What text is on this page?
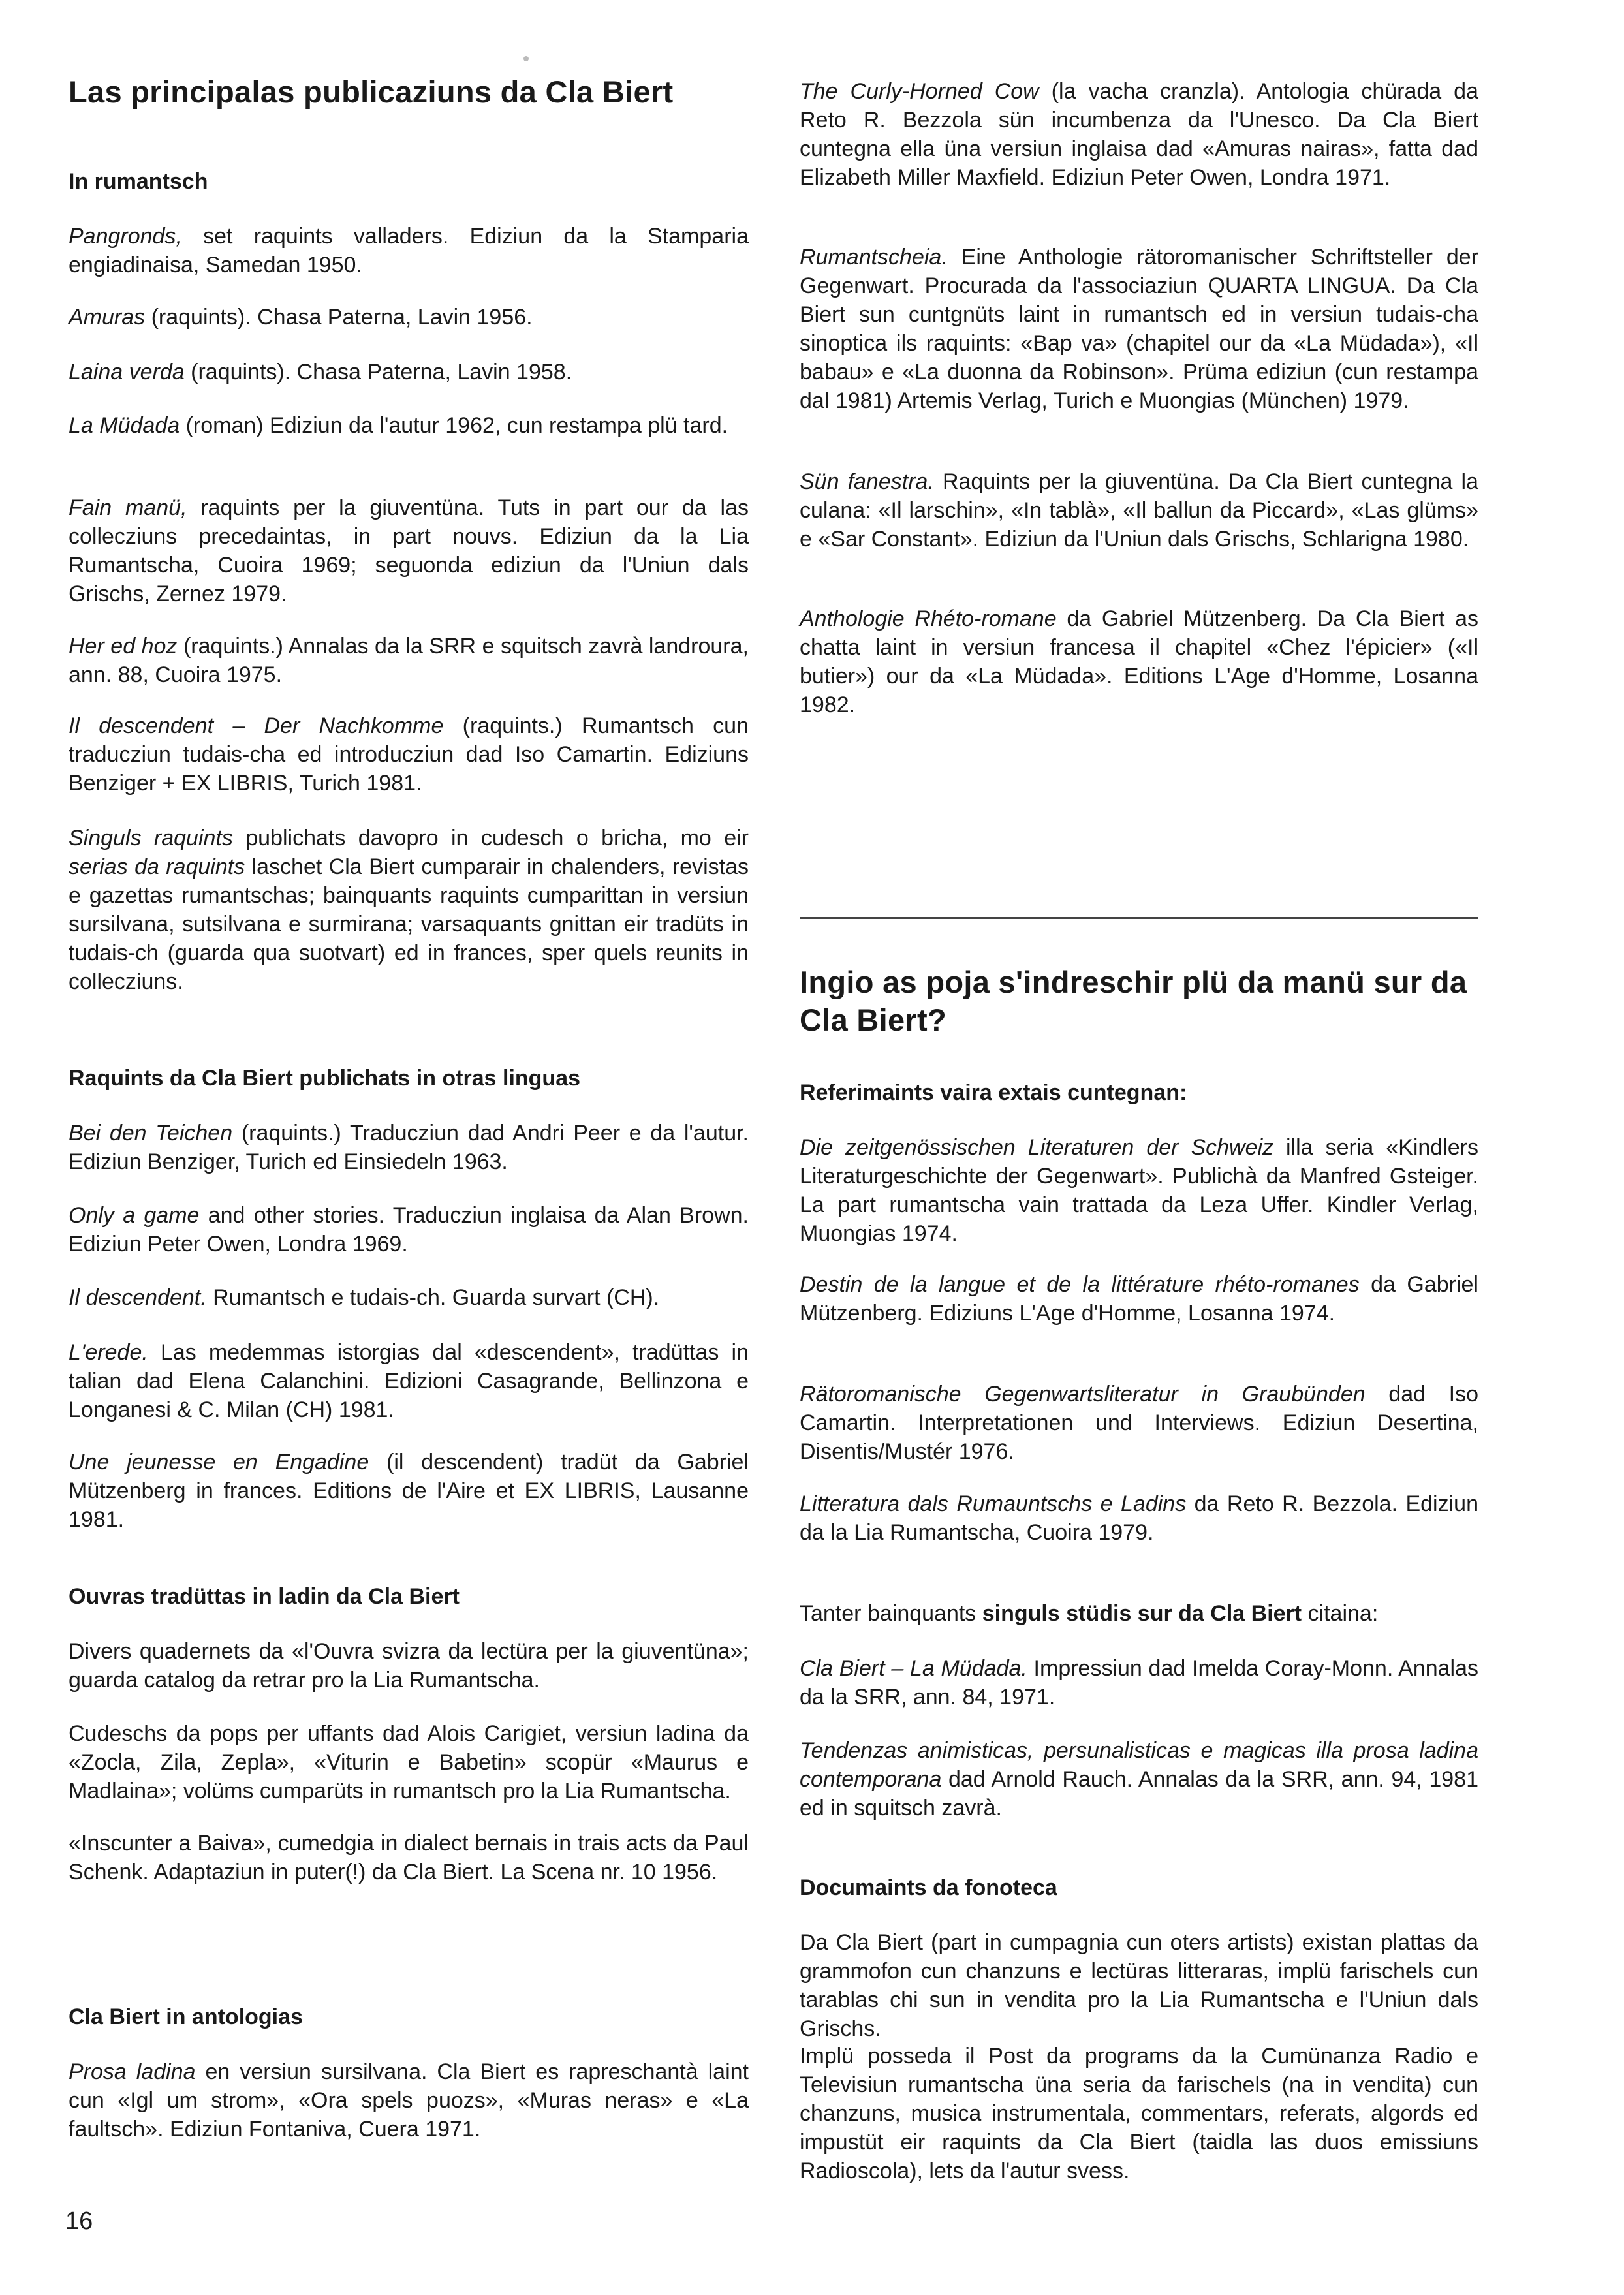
Las principalas publicaziuns da Cla Biert
In rumantsch

Pangronds, set raquints valladers. Ediziun da la Stamparia engiadinaisa, Samedan 1950.

Amuras (raquints). Chasa Paterna, Lavin 1956.

Laina verda (raquints). Chasa Paterna, Lavin 1958.

La Müdada (roman) Ediziun da l'autur 1962, cun restampa plü tard.

Fain manü, raquints per la giuventüna. Tuts in part our da las collecziuns precedaintas, in part nouvs. Ediziun da la Lia Rumantscha, Cuoira 1969; seguonda ediziun da l'Uniun dals Grischs, Zernez 1979.

Her ed hoz (raquints.) Annalas da la SRR e squitsch zavrà landroura, ann. 88, Cuoira 1975.

Il descendent – Der Nachkomme (raquints.) Rumantsch cun traducziun tudais-cha ed introducziun dad Iso Camartin. Ediziuns Benziger + EX LIBRIS, Turich 1981.

Singuls raquints publichats davopro in cudesch o bricha, mo eir serias da raquints laschet Cla Biert cumparair in chalenders, revistas e gazettas rumantschas; bainquants raquints cumparittan in versiun sursilvana, sutsilvana e surmirana; varsaquants gnittan eir tradüts in tudais-ch (guarda qua suotvart) ed in frances, sper quels reunits in collecziuns.

Raquints da Cla Biert publichats in otras linguas

Bei den Teichen (raquints.) Traducziun dad Andri Peer e da l'autur. Ediziun Benziger, Turich ed Einsiedeln 1963.

Only a game and other stories. Traducziun inglaisa da Alan Brown. Ediziun Peter Owen, Londra 1969.

Il descendent. Rumantsch e tudais-ch. Guarda survart (CH).

L'erede. Las medemmas istorgias dal «descendent», tradüttas in talian dad Elena Calanchini. Edizioni Casagrande, Bellinzona e Longanesi & C. Milan (CH) 1981.

Une jeunesse en Engadine (il descendent) tradüt da Gabriel Mützenberg in frances. Editions de l'Aire et EX LIBRIS, Lausanne 1981.

Ouvras tradüttas in ladin da Cla Biert

Divers quadernets da «l'Ouvra svizra da lectüra per la giuventüna»; guarda catalog da retrar pro la Lia Rumantscha.

Cudeschs da pops per uffants dad Alois Carigiet, versiun ladina da «Zocla, Zila, Zepla», «Viturin e Babetin» scopür «Maurus e Madlaina»; volüms cumparüts in rumantsch pro la Lia Rumantscha.

«Inscunter a Baiva», cumedgia in dialect bernais in trais acts da Paul Schenk. Adaptaziun in puter(!) da Cla Biert. La Scena nr. 10 1956.

Cla Biert in antologias

Prosa ladina en versiun sursilvana. Cla Biert es rapreschantà laint cun «Igl um strom», «Ora spels puozs», «Muras neras» e «La faultsch». Ediziun Fontaniva, Cuera 1971.

The Curly-Horned Cow (la vacha cranzla). Antologia chürada da Reto R. Bezzola sün incumbenza da l'Unesco. Da Cla Biert cuntegna ella üna versiun inglaisa dad «Amuras nairas», fatta dad Elizabeth Miller Maxfield. Ediziun Peter Owen, Londra 1971.

Rumantscheia. Eine Anthologie rätoromanischer Schriftsteller der Gegenwart. Procurada da l'associaziun QUARTA LINGUA. Da Cla Biert sun cuntgnüts laint in rumantsch ed in versiun tudais-cha sinoptica ils raquints: «Bap va» (chapitel our da «La Müdada»), «Il babau» e «La duonna da Robinson». Prüma ediziun (cun restampa dal 1981) Artemis Verlag, Turich e Muongias (München) 1979.

Sün fanestra. Raquints per la giuventüna. Da Cla Biert cuntegna la culana: «Il larschin», «In tablà», «Il ballun da Piccard», «Las glüms» e «Sar Constant». Ediziun da l'Uniun dals Grischs, Schlarigna 1980.

Anthologie Rhéto-romane da Gabriel Mützenberg. Da Cla Biert as chatta laint in versiun francesa il chapitel «Chez l'épicier» («Il butier») our da «La Müdada». Editions L'Age d'Homme, Losanna 1982.

Ingio as poja s'indreschir plü da manü sur da Cla Biert?
Referimaints vaira extais cuntegnan:

Die zeitgenössischen Literaturen der Schweiz illa seria «Kindlers Literaturgeschichte der Gegenwart». Publichà da Manfred Gsteiger. La part rumantscha vain trattada da Leza Uffer. Kindler Verlag, Muongias 1974.

Destin de la langue et de la littérature rhéto-romanes da Gabriel Mützenberg. Ediziuns L'Age d'Homme, Losanna 1974.

Rätoromanische Gegenwartsliteratur in Graubünden dad Iso Camartin. Interpretationen und Interviews. Ediziun Desertina, Disentis/Mustér 1976.

Litteratura dals Rumauntschs e Ladins da Reto R. Bezzola. Ediziun da la Lia Rumantscha, Cuoira 1979.

Tanter bainquants singuls stüdis sur da Cla Biert citaina:

Cla Biert – La Müdada. Impressiun dad Imelda Coray-Monn. Annalas da la SRR, ann. 84, 1971.

Tendenzas animisticas, persunalisticas e magicas illa prosa ladina contemporana dad Arnold Rauch. Annalas da la SRR, ann. 94, 1981 ed in squitsch zavrà.

Documaints da fonoteca

Da Cla Biert (part in cumpagnia cun oters artists) existan plattas da grammofon cun chanzuns e lectüras litteraras, implü farischels cun tarablas chi sun in vendita pro la Lia Rumantscha e l'Uniun dals Grischs.

Implü posseda il Post da programs da la Cumünanza Radio e Televisiun rumantscha üna seria da farischels (na in vendita) cun chanzuns, musica instrumentala, commentars, referats, algords ed impustüt eir raquints da Cla Biert (taidla las duos emissiuns Radioscola), lets da l'autur svess.

16
